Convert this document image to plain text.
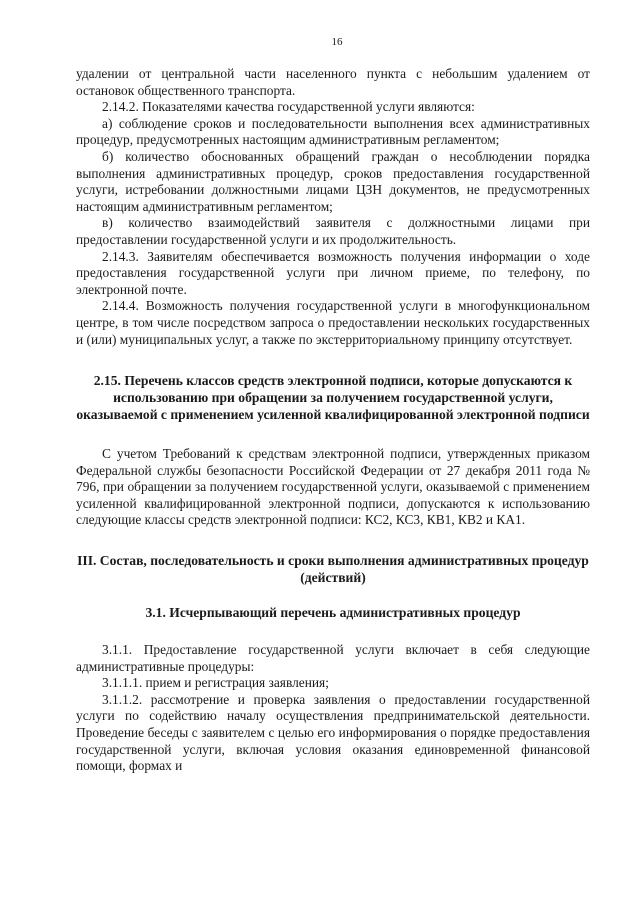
16

удалении от центральной части населенного пункта с небольшим удалением от остановок общественного транспорта.

2.14.2. Показателями качества государственной услуги являются:

а) соблюдение сроков и последовательности выполнения всех административных процедур, предусмотренных настоящим административным регламентом;

б) количество обоснованных обращений граждан о несоблюдении порядка выполнения административных процедур, сроков предоставления государственной услуги, истребовании должностными лицами ЦЗН документов, не предусмотренных настоящим административным регламентом;

в) количество взаимодействий заявителя с должностными лицами при предоставлении государственной услуги и их продолжительность.

2.14.3. Заявителям обеспечивается возможность получения информации о ходе предоставления государственной услуги при личном приеме, по телефону, по электронной почте.

2.14.4. Возможность получения государственной услуги в многофункциональном центре, в том числе посредством запроса о предоставлении нескольких государственных и (или) муниципальных услуг, а также по экстерриториальному принципу отсутствует.

2.15. Перечень классов средств электронной подписи, которые допускаются к использованию при обращении за получением государственной услуги, оказываемой с применением усиленной квалифицированной электронной подписи

С учетом Требований к средствам электронной подписи, утвержденных приказом Федеральной службы безопасности Российской Федерации от 27 декабря 2011 года № 796, при обращении за получением государственной услуги, оказываемой с применением усиленной квалифицированной электронной подписи, допускаются к использованию следующие классы средств электронной подписи: КС2, КС3, КВ1, КВ2 и КА1.

III. Состав, последовательность и сроки выполнения административных процедур (действий)
3.1. Исчерпывающий перечень административных процедур

3.1.1. Предоставление государственной услуги включает в себя следующие административные процедуры:

3.1.1.1. прием и регистрация заявления;

3.1.1.2. рассмотрение и проверка заявления о предоставлении государственной услуги по содействию началу осуществления предпринимательской деятельности. Проведение беседы с заявителем с целью его информирования о порядке предоставления государственной услуги, включая условия оказания единовременной финансовой помощи, формах и
